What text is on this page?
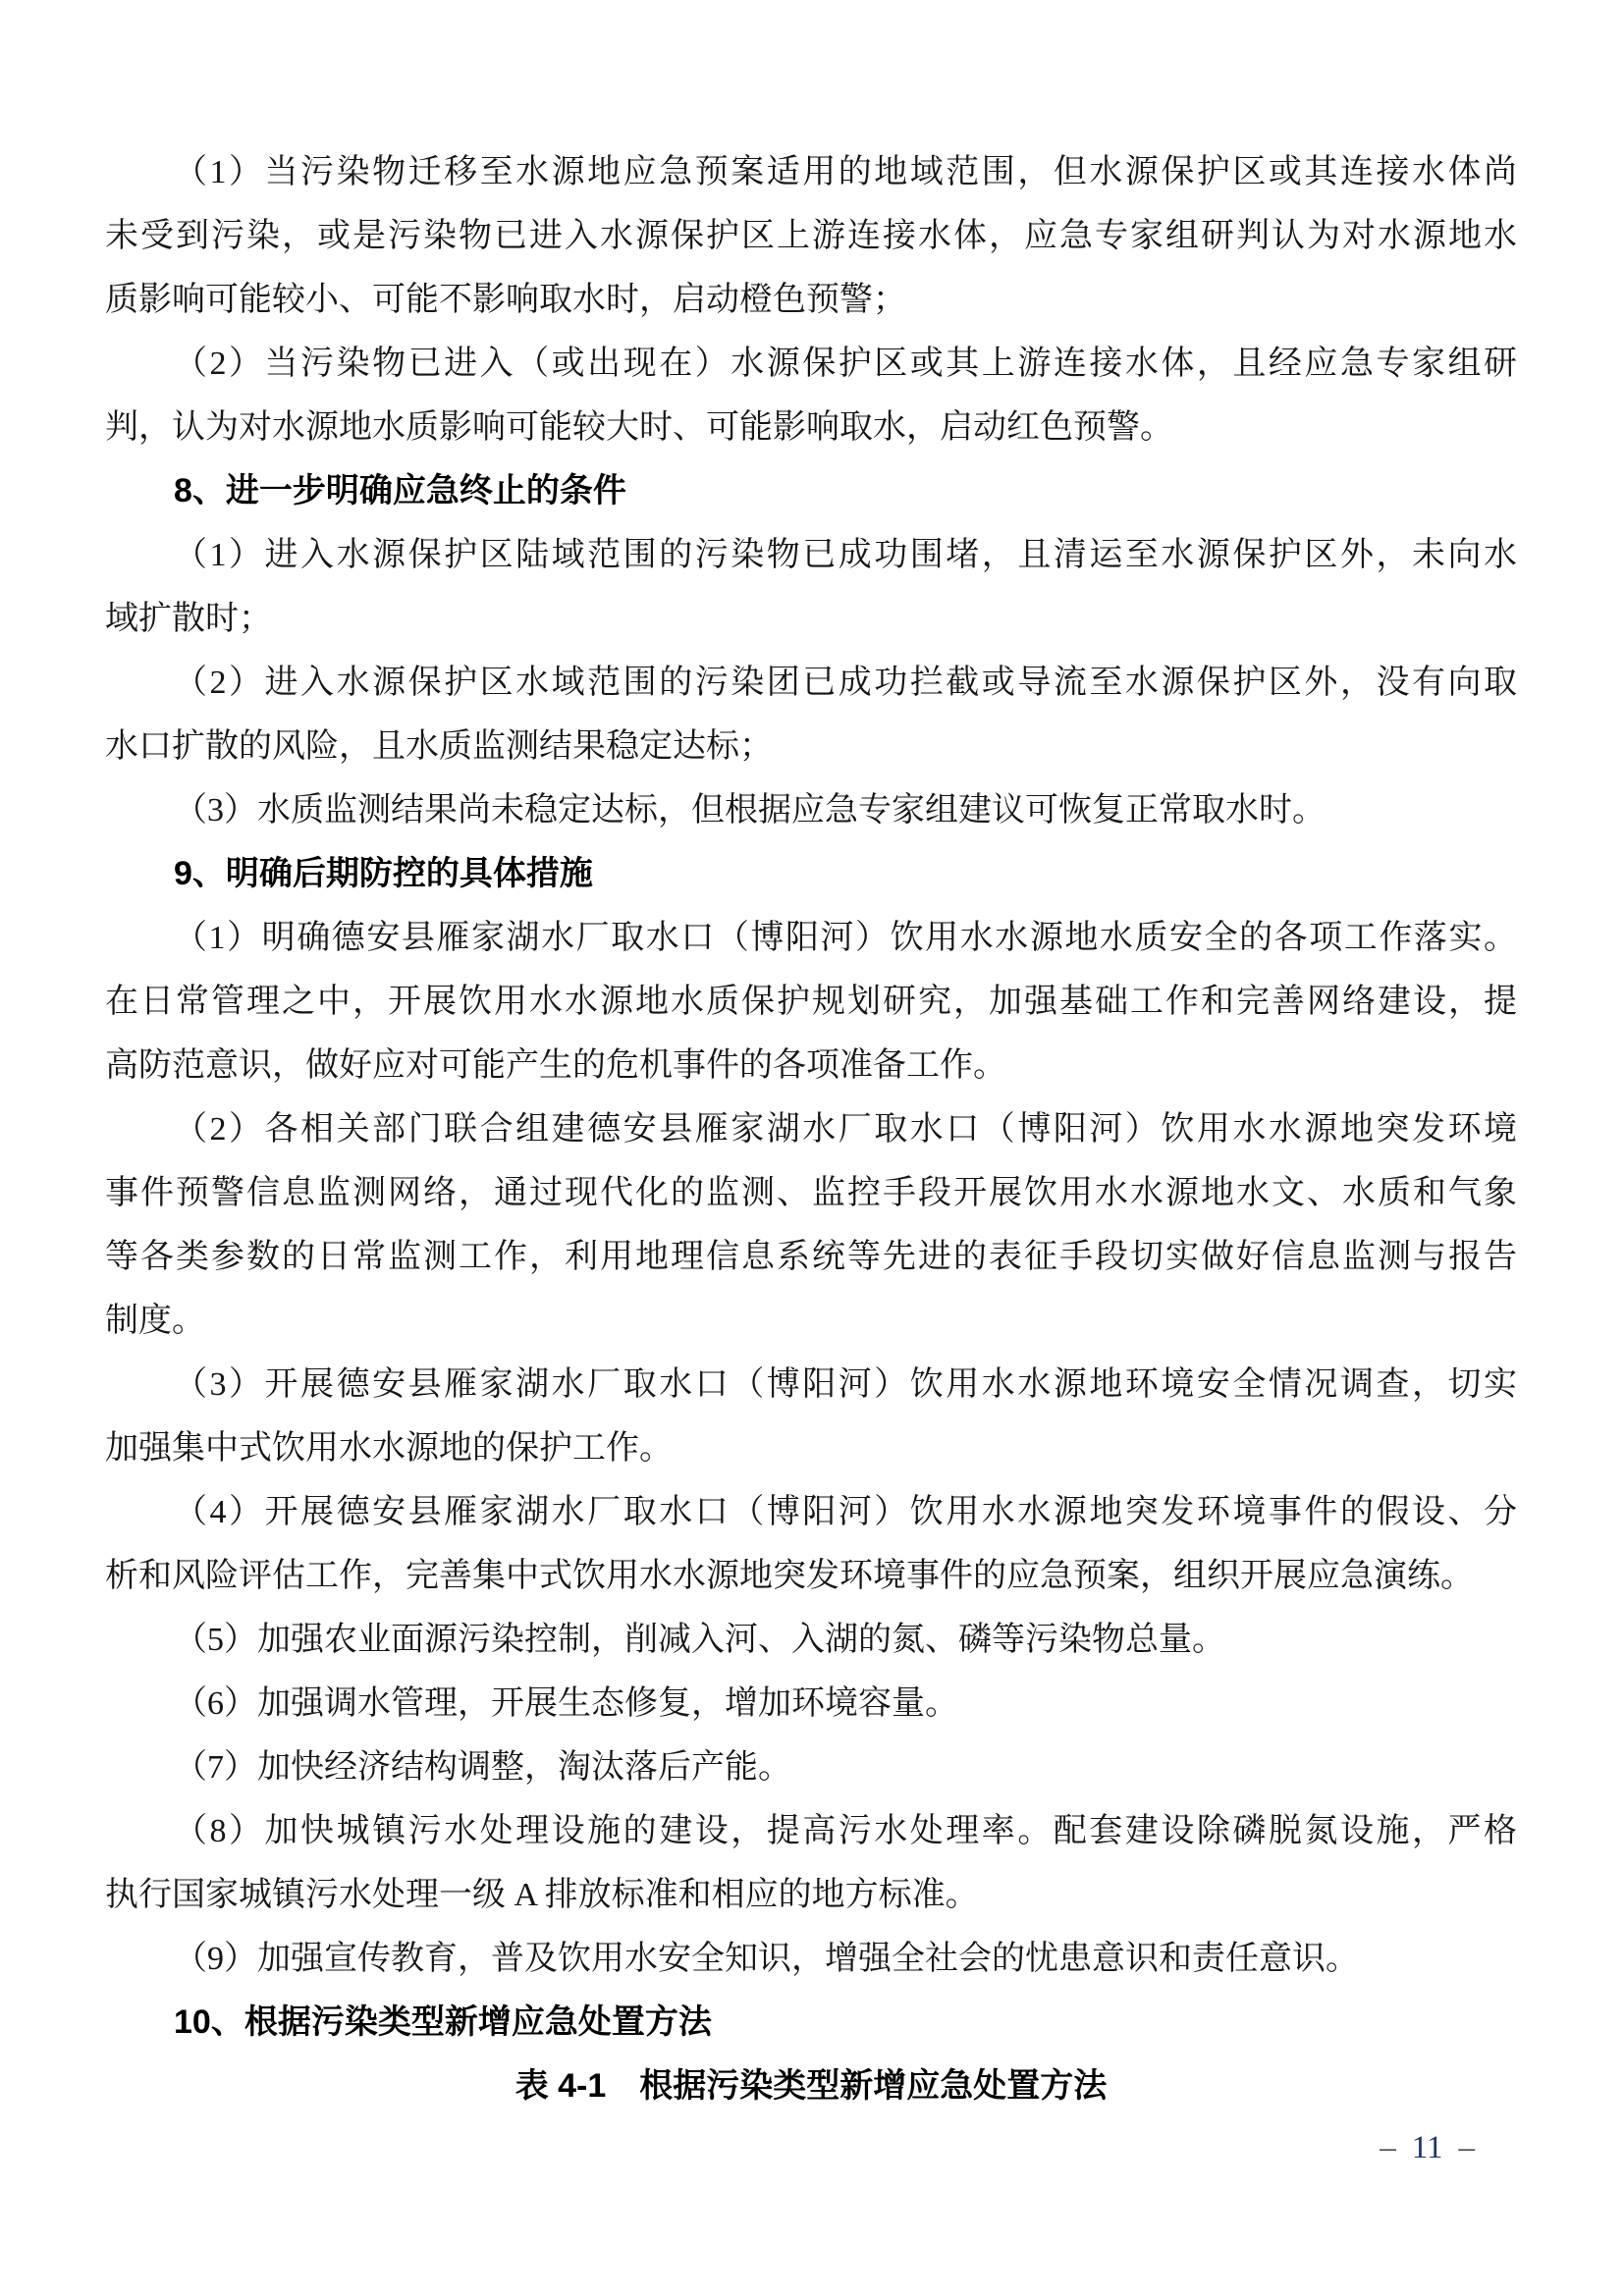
（1）当污染物迁移至水源地应急预案适用的地域范围，但水源保护区或其连接水体尚
未受到污染，或是污染物已进入水源保护区上游连接水体，应急专家组研判认为对水源地水
质影响可能较小、可能不影响取水时，启动橙色预警；
（2）当污染物已进入（或出现在）水源保护区或其上游连接水体，且经应急专家组研
判，认为对水源地水质影响可能较大时、可能影响取水，启动红色预警。
8、进一步明确应急终止的条件
（1）进入水源保护区陆域范围的污染物已成功围堵，且清运至水源保护区外，未向水
域扩散时；
（2）进入水源保护区水域范围的污染团已成功拦截或导流至水源保护区外，没有向取
水口扩散的风险，且水质监测结果稳定达标；
（3）水质监测结果尚未稳定达标，但根据应急专家组建议可恢复正常取水时。
9、明确后期防控的具体措施
（1）明确德安县雁家湖水厂取水口（博阳河）饮用水水源地水质安全的各项工作落实。
在日常管理之中，开展饮用水水源地水质保护规划研究，加强基础工作和完善网络建设，提
高防范意识，做好应对可能产生的危机事件的各项准备工作。
（2）各相关部门联合组建德安县雁家湖水厂取水口（博阳河）饮用水水源地突发环境
事件预警信息监测网络，通过现代化的监测、监控手段开展饮用水水源地水文、水质和气象
等各类参数的日常监测工作，利用地理信息系统等先进的表征手段切实做好信息监测与报告
制度。
（3）开展德安县雁家湖水厂取水口（博阳河）饮用水水源地环境安全情况调查，切实
加强集中式饮用水水源地的保护工作。
（4）开展德安县雁家湖水厂取水口（博阳河）饮用水水源地突发环境事件的假设、分
析和风险评估工作，完善集中式饮用水水源地突发环境事件的应急预案，组织开展应急演练。
（5）加强农业面源污染控制，削减入河、入湖的氮、磷等污染物总量。
（6）加强调水管理，开展生态修复，增加环境容量。
（7）加快经济结构调整，淘汰落后产能。
（8）加快城镇污水处理设施的建设，提高污水处理率。配套建设除磷脱氮设施，严格
执行国家城镇污水处理一级 A 排放标准和相应的地方标准。
（9）加强宣传教育，普及饮用水安全知识，增强全社会的忧患意识和责任意识。
10、根据污染类型新增应急处置方法
表 4-1　根据污染类型新增应急处置方法
– 11 –
